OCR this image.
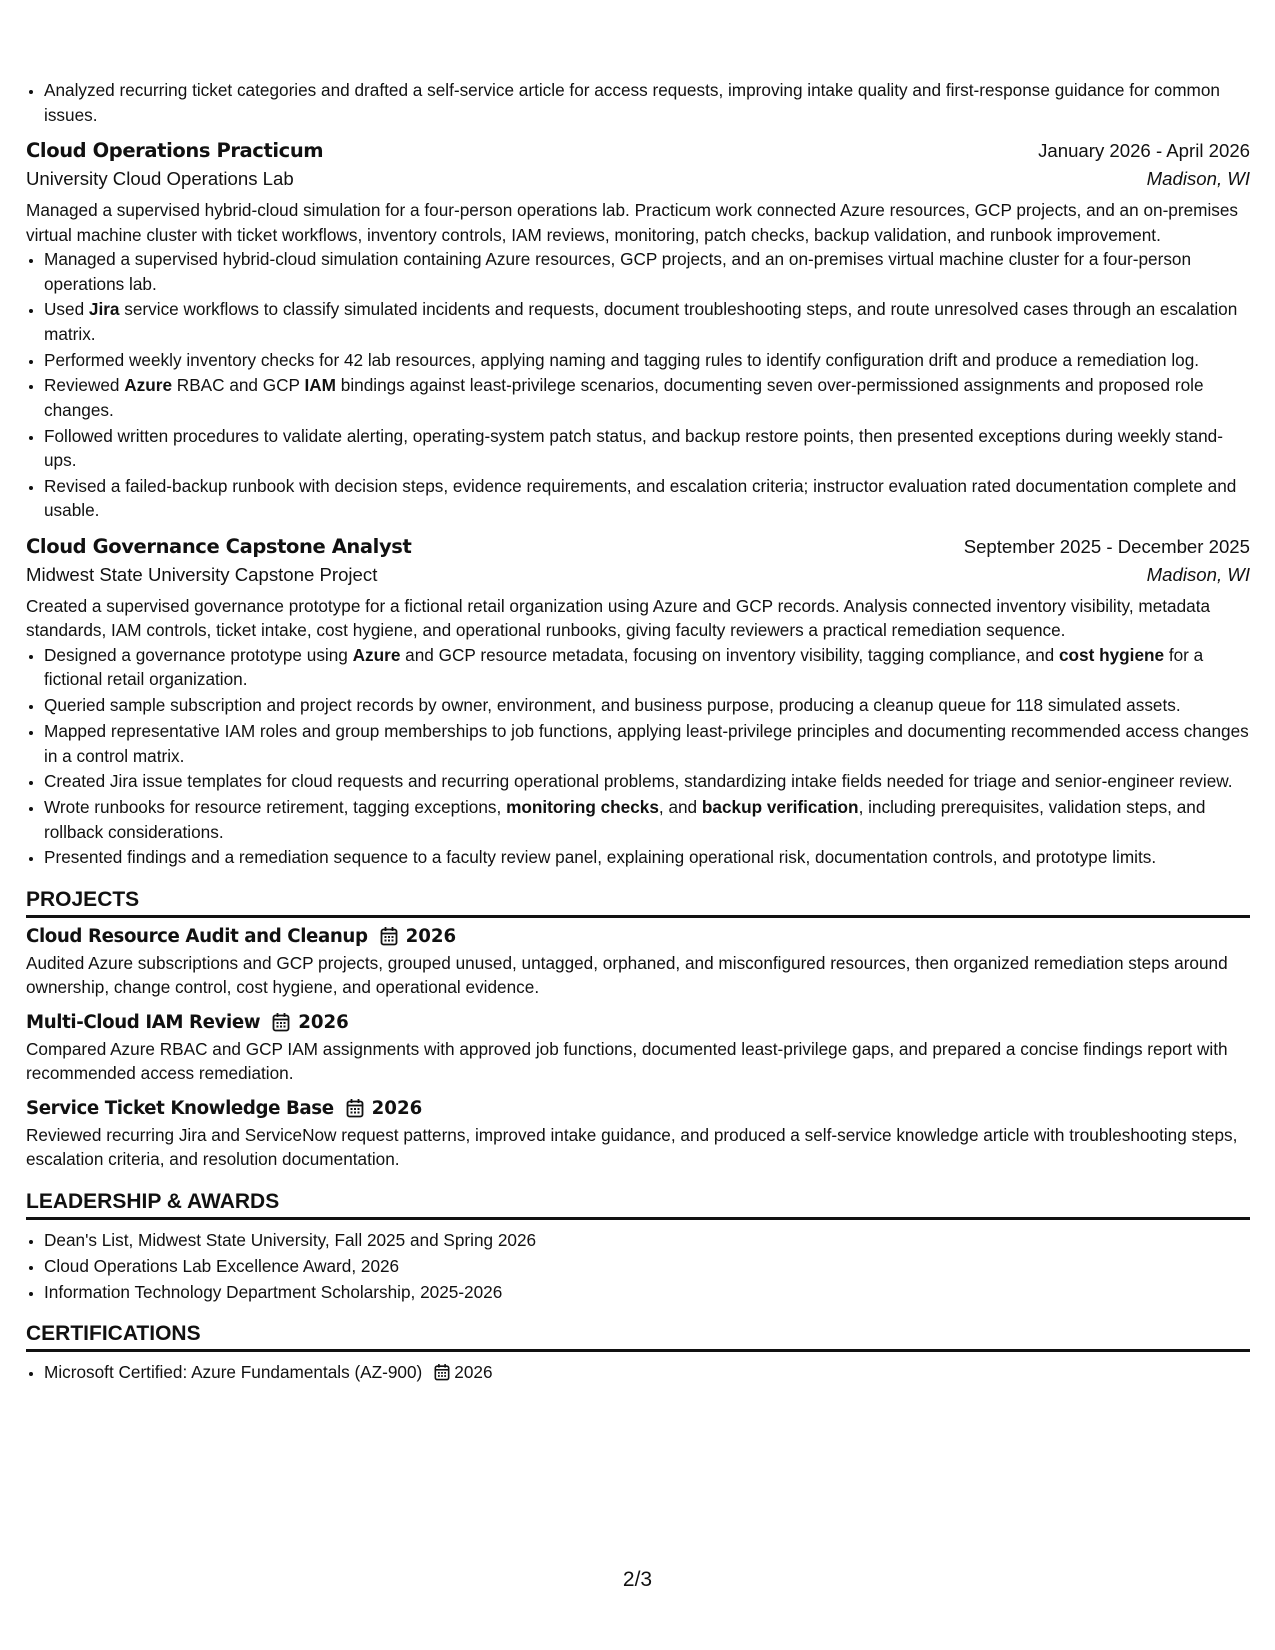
• Analyzed recurring ticket categories and drafted a self-service article for access requests, improving intake quality and first-response guidance for common issues.
Cloud Operations Practicum	January 2026 - April 2026
University Cloud Operations Lab	Madison, WI
Managed a supervised hybrid-cloud simulation for a four-person operations lab. Practicum work connected Azure resources, GCP projects, and an on-premises virtual machine cluster with ticket workflows, inventory controls, IAM reviews, monitoring, patch checks, backup validation, and runbook improvement.
• Managed a supervised hybrid-cloud simulation containing Azure resources, GCP projects, and an on-premises virtual machine cluster for a four-person operations lab.
• Used Jira service workflows to classify simulated incidents and requests, document troubleshooting steps, and route unresolved cases through an escalation matrix.
• Performed weekly inventory checks for 42 lab resources, applying naming and tagging rules to identify configuration drift and produce a remediation log.
• Reviewed Azure RBAC and GCP IAM bindings against least-privilege scenarios, documenting seven over-permissioned assignments and proposed role changes.
• Followed written procedures to validate alerting, operating-system patch status, and backup restore points, then presented exceptions during weekly stand-ups.
• Revised a failed-backup runbook with decision steps, evidence requirements, and escalation criteria; instructor evaluation rated documentation complete and usable.
Cloud Governance Capstone Analyst	September 2025 - December 2025
Midwest State University Capstone Project	Madison, WI
Created a supervised governance prototype for a fictional retail organization using Azure and GCP records. Analysis connected inventory visibility, metadata standards, IAM controls, ticket intake, cost hygiene, and operational runbooks, giving faculty reviewers a practical remediation sequence.
• Designed a governance prototype using Azure and GCP resource metadata, focusing on inventory visibility, tagging compliance, and cost hygiene for a fictional retail organization.
• Queried sample subscription and project records by owner, environment, and business purpose, producing a cleanup queue for 118 simulated assets.
• Mapped representative IAM roles and group memberships to job functions, applying least-privilege principles and documenting recommended access changes in a control matrix.
• Created Jira issue templates for cloud requests and recurring operational problems, standardizing intake fields needed for triage and senior-engineer review.
• Wrote runbooks for resource retirement, tagging exceptions, monitoring checks, and backup verification, including prerequisites, validation steps, and rollback considerations.
• Presented findings and a remediation sequence to a faculty review panel, explaining operational risk, documentation controls, and prototype limits.
PROJECTS
Cloud Resource Audit and Cleanup 2026
Audited Azure subscriptions and GCP projects, grouped unused, untagged, orphaned, and misconfigured resources, then organized remediation steps around ownership, change control, cost hygiene, and operational evidence.
Multi-Cloud IAM Review 2026
Compared Azure RBAC and GCP IAM assignments with approved job functions, documented least-privilege gaps, and prepared a concise findings report with recommended access remediation.
Service Ticket Knowledge Base 2026
Reviewed recurring Jira and ServiceNow request patterns, improved intake guidance, and produced a self-service knowledge article with troubleshooting steps, escalation criteria, and resolution documentation.
LEADERSHIP & AWARDS
• Dean's List, Midwest State University, Fall 2025 and Spring 2026
• Cloud Operations Lab Excellence Award, 2026
• Information Technology Department Scholarship, 2025-2026
CERTIFICATIONS
• Microsoft Certified: Azure Fundamentals (AZ-900) 2026
2/3
